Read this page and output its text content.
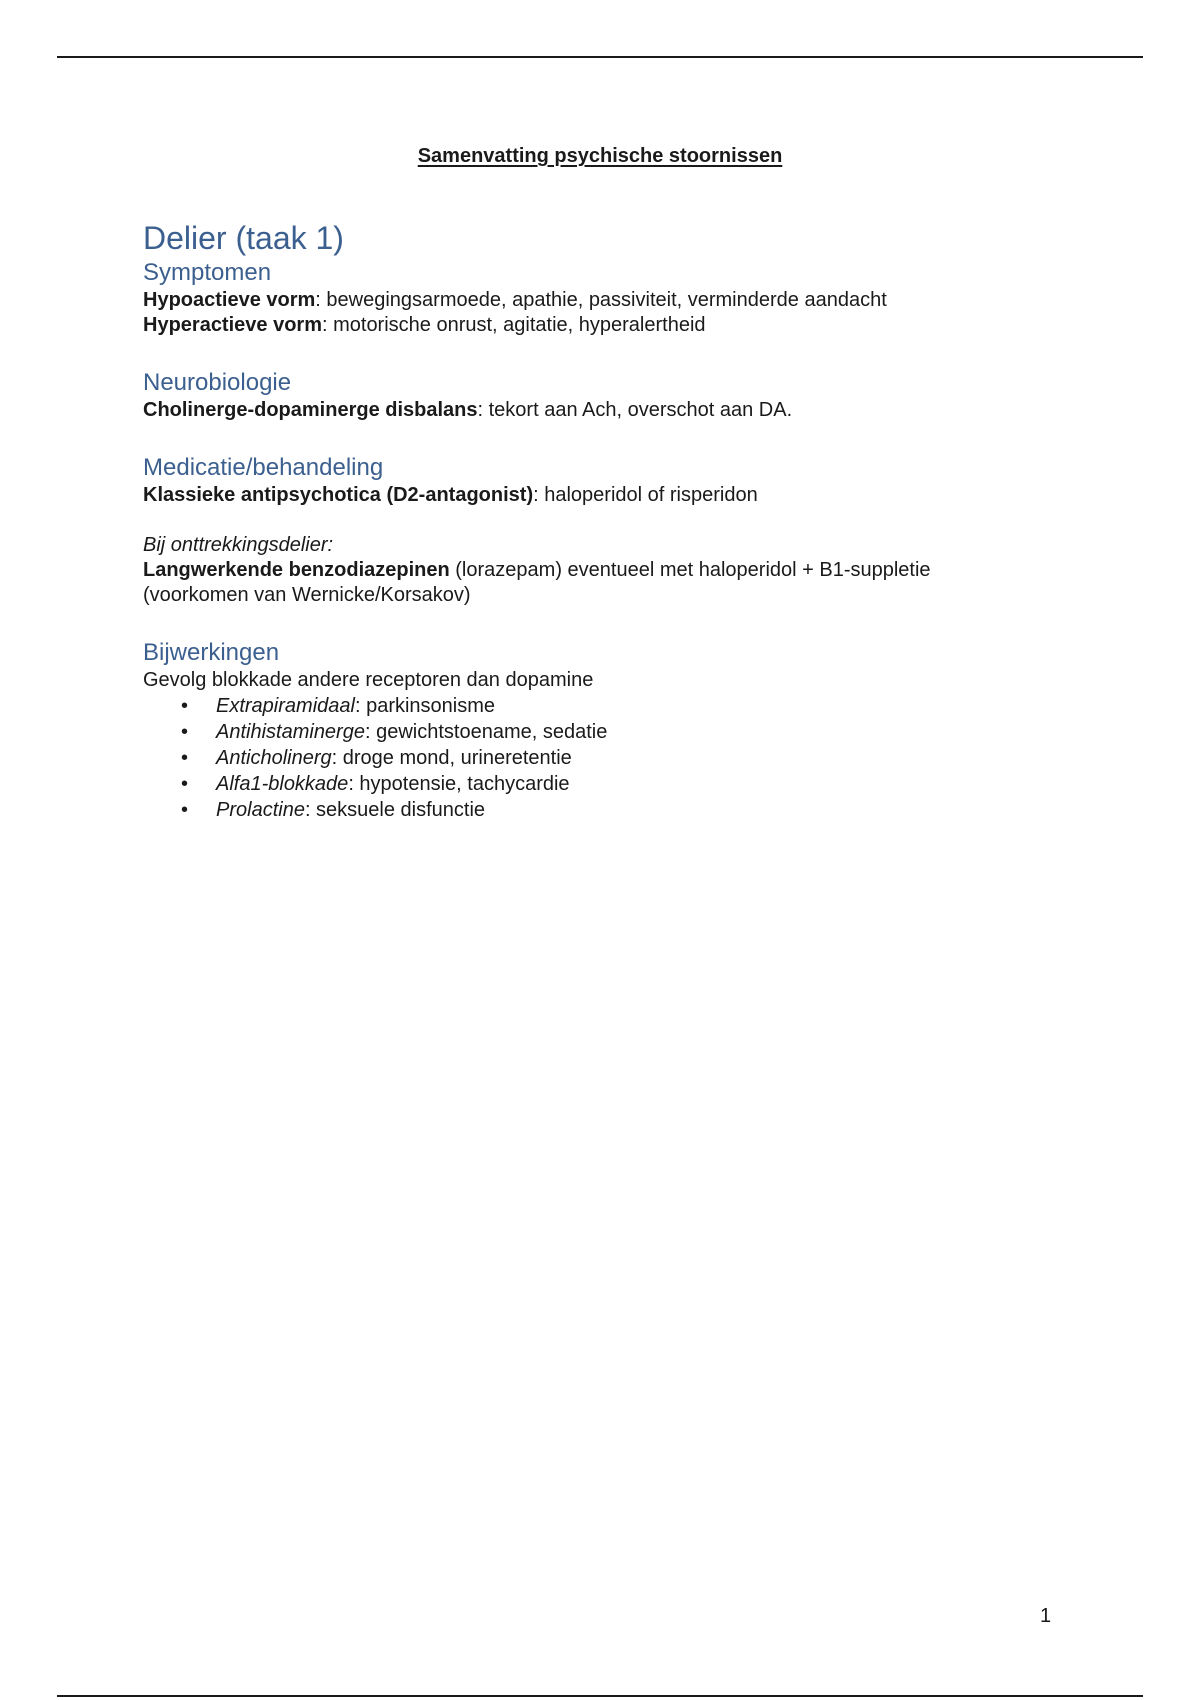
Samenvatting psychische stoornissen
Delier (taak 1)
Symptomen

Hypoactieve vorm: bewegingsarmoede, apathie, passiviteit, verminderde aandacht

Hyperactieve vorm: motorische onrust, agitatie, hyperalertheid

Neurobiologie

Cholinerge-dopaminerge disbalans: tekort aan Ach, overschot aan DA.

Medicatie/behandeling

Klassieke antipsychotica (D2-antagonist): haloperidol of risperidon

Bij onttrekkingsdelier:

Langwerkende benzodiazepinen (lorazepam) eventueel met haloperidol + B1-suppletie

(voorkomen van Wernicke/Korsakov)

Bijwerkingen

Gevolg blokkade andere receptoren dan dopamine

• Extrapiramidaal: parkinsonisme
• Antihistaminerge: gewichtstoename, sedatie
• Anticholinerg: droge mond, urineretentie
• Alfa1-blokkade: hypotensie, tachycardie
• Prolactine: seksuele disfunctie
1
